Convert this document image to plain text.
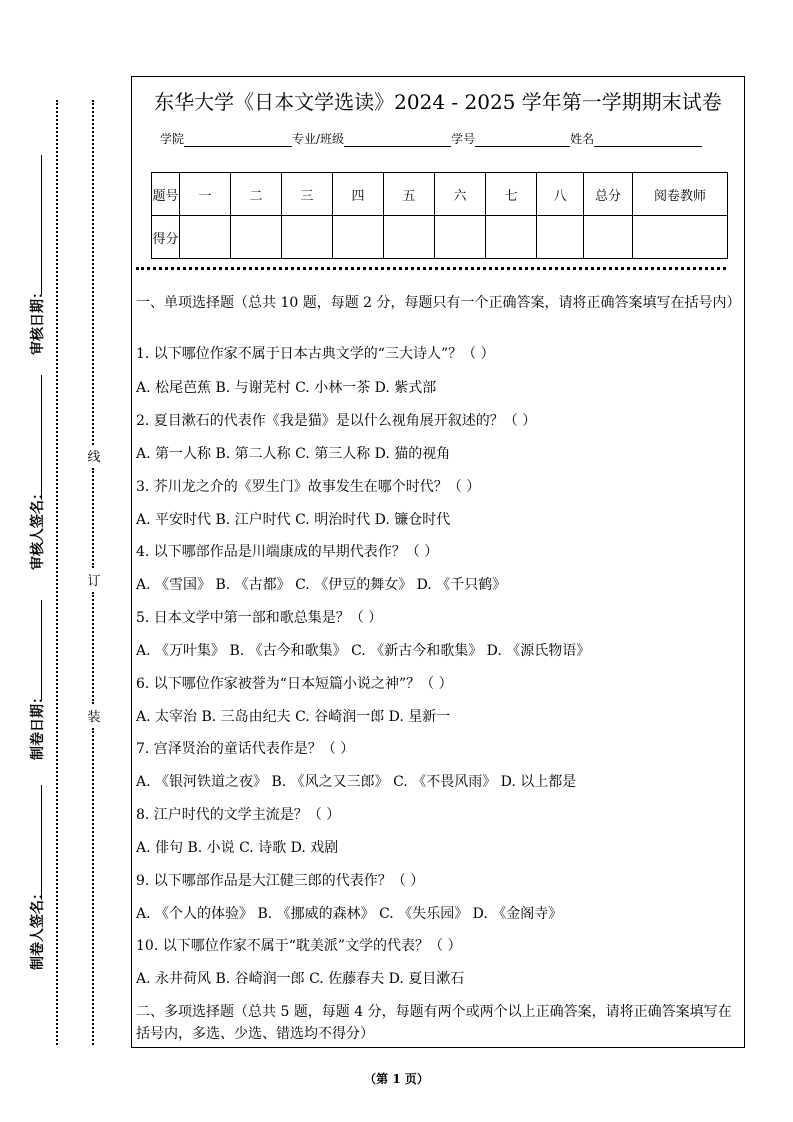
审核日期：
审核人签名：
制卷日期：
制卷人签名：
线
订
装
东华大学《日本文学选读》2024 - 2025 学年第一学期期末试卷
学院	专业/班级	学号	姓名
题号	一	二	三	四	五	六	七	八	总分	阅卷教师
得分										
一、单项选择题（总共 10 题，每题 2 分，每题只有一个正确答案，请将正确答案填写在括号内）
1. 以下哪位作家不属于日本古典文学的“三大诗人”？（ ）
A. 松尾芭蕉 B. 与谢芜村 C. 小林一茶 D. 紫式部
2. 夏目漱石的代表作《我是猫》是以什么视角展开叙述的？（ ）
A. 第一人称 B. 第二人称 C. 第三人称 D. 猫的视角
3. 芥川龙之介的《罗生门》故事发生在哪个时代？（ ）
A. 平安时代 B. 江户时代 C. 明治时代 D. 镰仓时代
4. 以下哪部作品是川端康成的早期代表作？（ ）
A. 《雪国》 B. 《古都》 C. 《伊豆的舞女》 D. 《千只鹤》
5. 日本文学中第一部和歌总集是？（ ）
A. 《万叶集》 B. 《古今和歌集》 C. 《新古今和歌集》 D. 《源氏物语》
6. 以下哪位作家被誉为“日本短篇小说之神”？（ ）
A. 太宰治 B. 三岛由纪夫 C. 谷崎润一郎 D. 星新一
7. 宫泽贤治的童话代表作是？（ ）
A. 《银河铁道之夜》 B. 《风之又三郎》 C. 《不畏风雨》 D. 以上都是
8. 江户时代的文学主流是？（ ）
A. 俳句 B. 小说 C. 诗歌 D. 戏剧
9. 以下哪部作品是大江健三郎的代表作？（ ）
A. 《个人的体验》 B. 《挪威的森林》 C. 《失乐园》 D. 《金阁寺》
10. 以下哪位作家不属于“耽美派”文学的代表？（ ）
A. 永井荷风 B. 谷崎润一郎 C. 佐藤春夫 D. 夏目漱石
二、多项选择题（总共 5 题，每题 4 分，每题有两个或两个以上正确答案，请将正确答案填写在括号内，多选、少选、错选均不得分）
（第 1 页）
